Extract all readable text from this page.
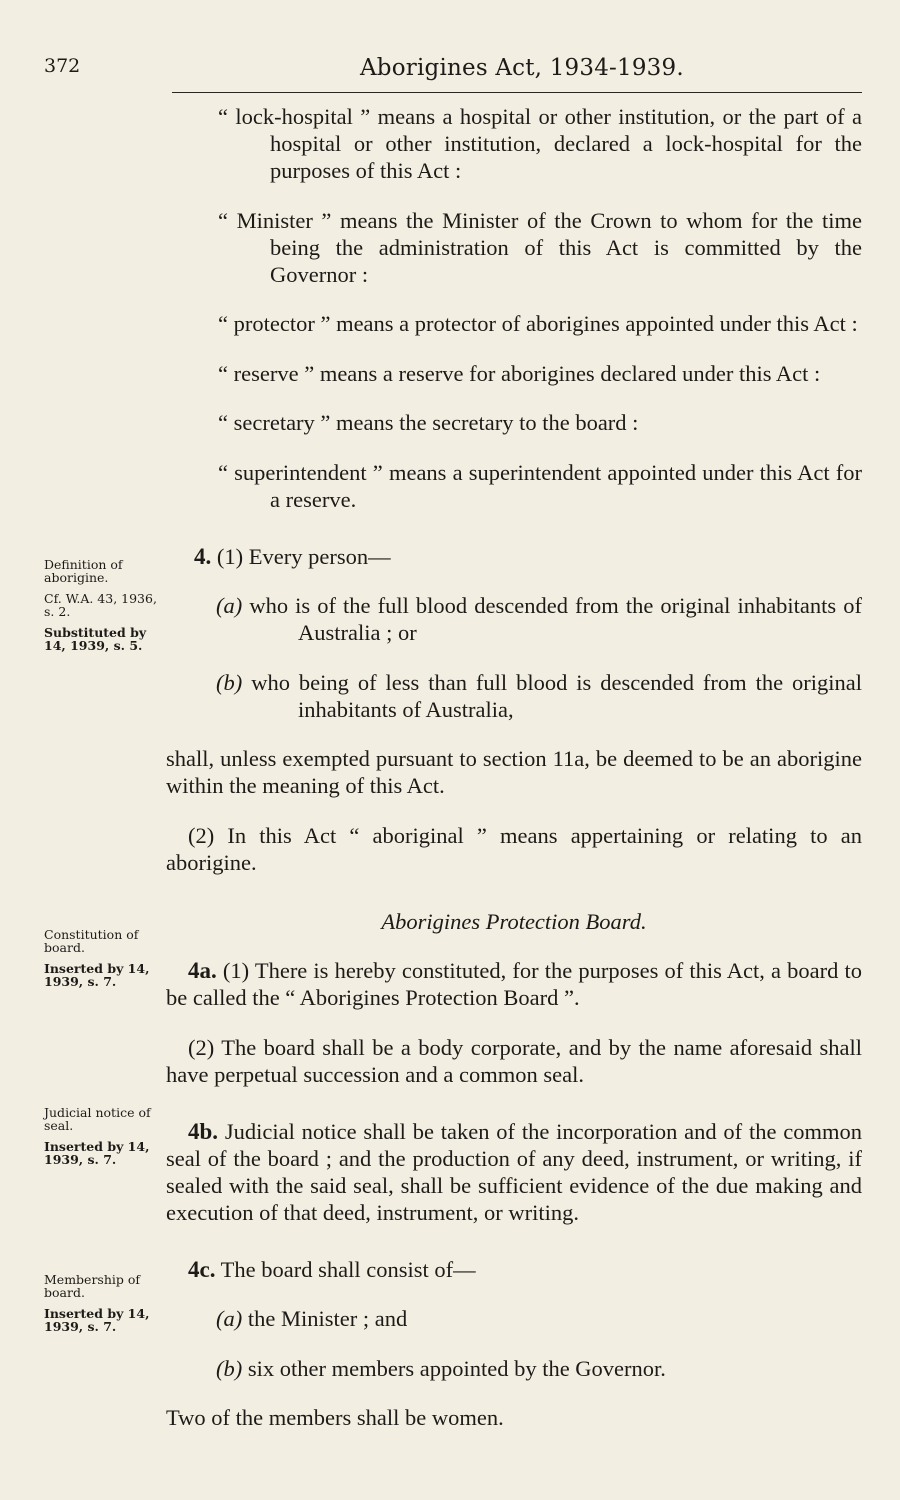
372	Aborigines Act, 1934-1939.
Definition of aborigine.
Cf. W.A. 43, 1936, s. 2.
Substituted by 14, 1939, s. 5.
Constitution of board.
Inserted by 14, 1939, s. 7.
Judicial notice of seal.
Inserted by 14, 1939, s. 7.
Membership of board.
Inserted by 14, 1939, s. 7.

“ lock-hospital ” means a hospital or other institution, or the part of a hospital or other institution, declared a lock-hospital for the purposes of this Act :

“ Minister ” means the Minister of the Crown to whom for the time being the administration of this Act is committed by the Governor :

“ protector ” means a protector of aborigines appointed under this Act :

“ reserve ” means a reserve for aborigines declared under this Act :

“ secretary ” means the secretary to the board :

“ superintendent ” means a superintendent appointed under this Act for a reserve.

4. (1) Every person—

(a) who is of the full blood descended from the original inhabitants of Australia ; or

(b) who being of less than full blood is descended from the original inhabitants of Australia,

shall, unless exempted pursuant to section 11a, be deemed to be an aborigine within the meaning of this Act.

(2) In this Act “ aboriginal ” means appertaining or relating to an aborigine.

Aborigines Protection Board.

4a. (1) There is hereby constituted, for the purposes of this Act, a board to be called the “ Aborigines Protection Board ”.

(2) The board shall be a body corporate, and by the name aforesaid shall have perpetual succession and a common seal.

4b. Judicial notice shall be taken of the incorporation and of the common seal of the board ; and the production of any deed, instrument, or writing, if sealed with the said seal, shall be sufficient evidence of the due making and execution of that deed, instrument, or writing.

4c. The board shall consist of—

(a) the Minister ; and

(b) six other members appointed by the Governor.

Two of the members shall be women.
